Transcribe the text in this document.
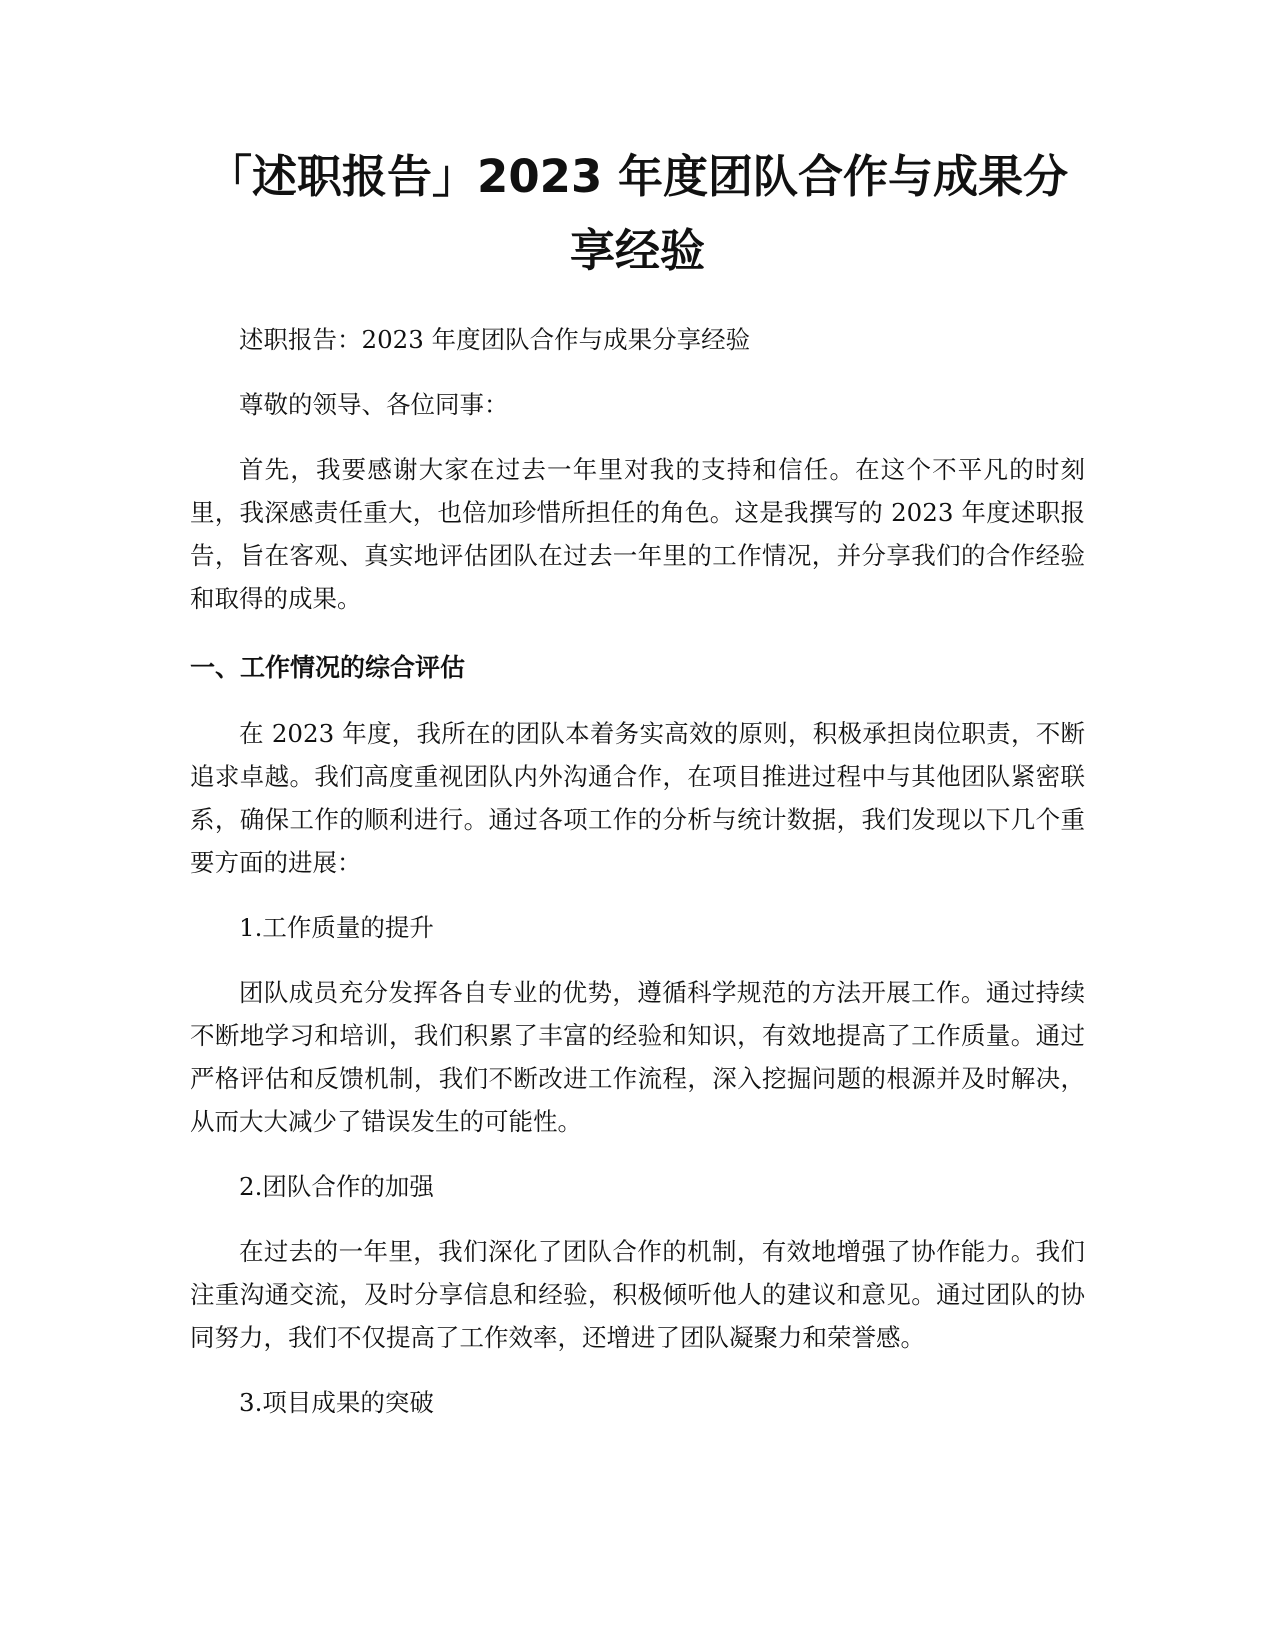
「述职报告」2023 年度团队合作与成果分享经验

述职报告：2023 年度团队合作与成果分享经验

尊敬的领导、各位同事：

首先，我要感谢大家在过去一年里对我的支持和信任。在这个不平凡的时刻里，我深感责任重大，也倍加珍惜所担任的角色。这是我撰写的 2023 年度述职报告，旨在客观、真实地评估团队在过去一年里的工作情况，并分享我们的合作经验和取得的成果。

一、工作情况的综合评估

在 2023 年度，我所在的团队本着务实高效的原则，积极承担岗位职责，不断追求卓越。我们高度重视团队内外沟通合作，在项目推进过程中与其他团队紧密联系，确保工作的顺利进行。通过各项工作的分析与统计数据，我们发现以下几个重要方面的进展：

1.工作质量的提升

团队成员充分发挥各自专业的优势，遵循科学规范的方法开展工作。通过持续不断地学习和培训，我们积累了丰富的经验和知识，有效地提高了工作质量。通过严格评估和反馈机制，我们不断改进工作流程，深入挖掘问题的根源并及时解决，从而大大减少了错误发生的可能性。

2.团队合作的加强

在过去的一年里，我们深化了团队合作的机制，有效地增强了协作能力。我们注重沟通交流，及时分享信息和经验，积极倾听他人的建议和意见。通过团队的协同努力，我们不仅提高了工作效率，还增进了团队凝聚力和荣誉感。

3.项目成果的突破
